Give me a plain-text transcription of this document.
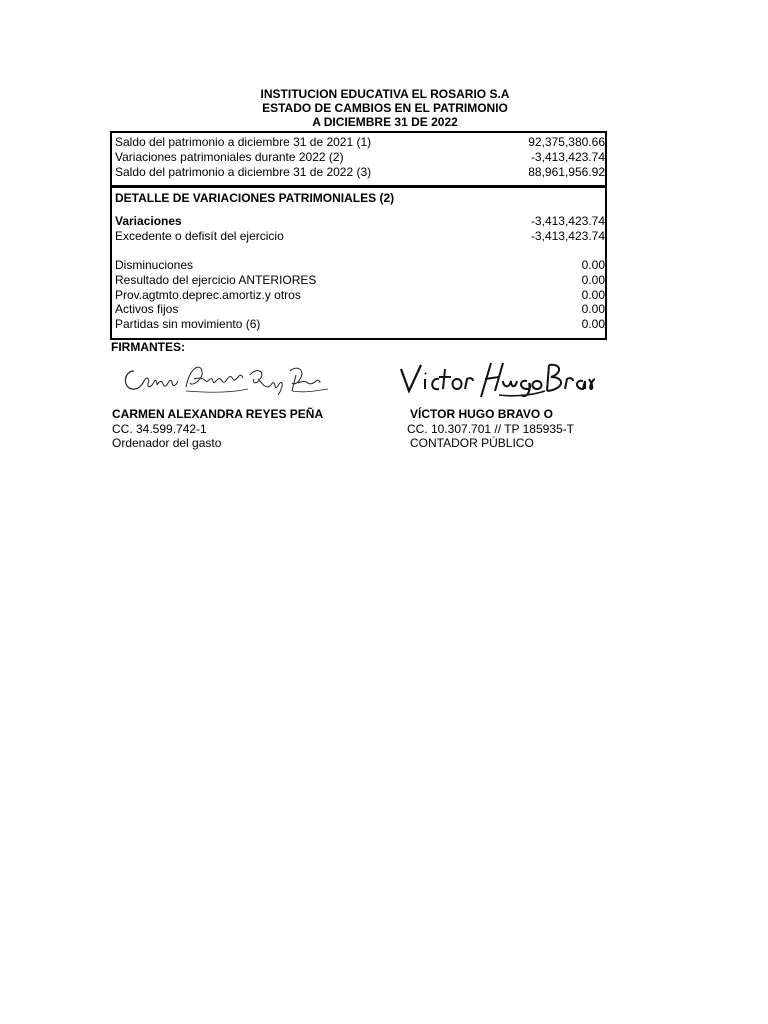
INSTITUCION EDUCATIVA EL ROSARIO S.A
ESTADO DE CAMBIOS EN EL PATRIMONIO
A DICIEMBRE 31 DE 2022
Saldo del patrimonio a diciembre 31 de 2021 (1)	92,375,380.66
Variaciones patrimoniales durante 2022 (2)	-3,413,423.74
Saldo del patrimonio a diciembre 31 de 2022 (3)	88,961,956.92
DETALLE DE VARIACIONES PATRIMONIALES (2)
Variaciones	-3,413,423.74
Excedente o defisít del ejercicio	-3,413,423.74
Disminuciones	0.00
Resultado del ejercicio ANTERIORES	0.00
Prov.agtmto.deprec.amortiz.y otros	0.00
Activos fijos	0.00
Partidas sin movimiento (6)	0.00
FIRMANTES:
CARMEN ALEXANDRA REYES PEÑA
CC. 34.599.742-1
Ordenador del gasto
VÍCTOR HUGO BRAVO O
CC. 10.307.701 // TP 185935-T
CONTADOR PÚBLICO
